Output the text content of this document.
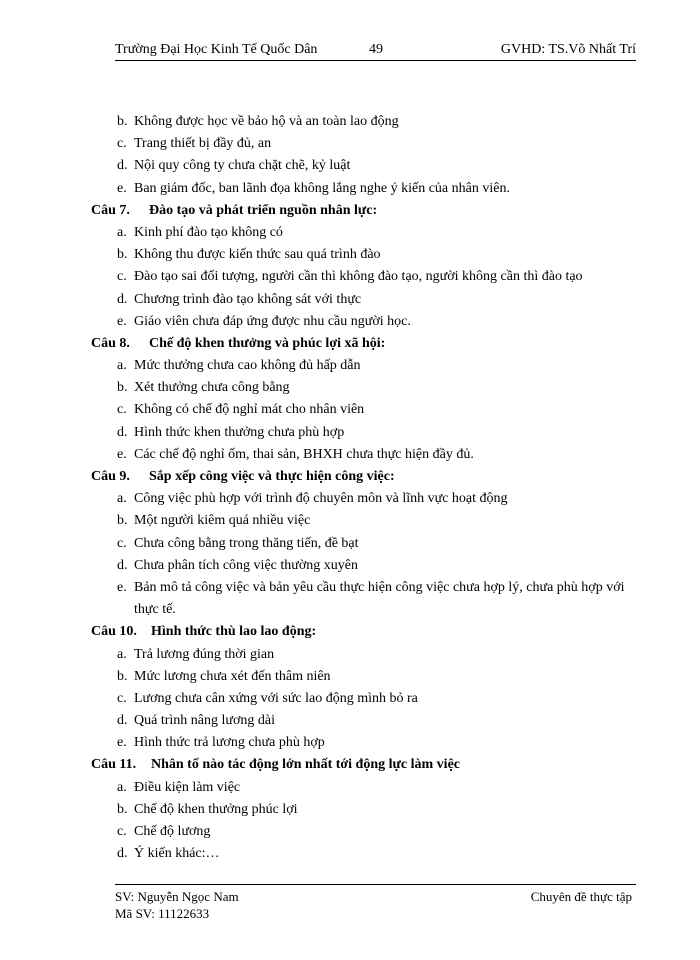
Trường Đại Học Kinh Tế Quốc Dân	49	GVHD: TS.Võ Nhất Trí
b. Không được học về bảo hộ và an toàn lao động
c. Trang thiết bị đầy đủ, an
d. Nội quy công ty chưa chặt chẽ, kỷ luật
e. Ban giám đốc, ban lãnh đọa không lắng nghe ý kiến của nhân viên.
Câu 7. Đào tạo và phát triển nguồn nhân lực:
a. Kinh phí đào tạo không có
b. Không thu được kiến thức sau quá trình đào
c. Đào tạo sai đối tượng, người cần thì không đào tạo, người không cần thì đào tạo
d. Chương trình đào tạo không sát với thực
e. Giáo viên chưa đáp ứng được nhu cầu người học.
Câu 8. Chế độ khen thưởng và phúc lợi xã hội:
a. Mức thưởng chưa cao không đủ hấp dẫn
b. Xét thưởng chưa công bằng
c. Không có chế độ nghỉ mát cho nhân viên
d. Hình thức khen thưởng chưa phù hợp
e. Các chế độ nghỉ ốm, thai sản, BHXH chưa thực hiện đầy đủ.
Câu 9. Sắp xếp công việc và thực hiện công việc:
a. Công việc phù hợp với trình độ chuyên môn và lĩnh vực hoạt động
b. Một người kiêm quá nhiều việc
c. Chưa công bằng trong thăng tiến, đề bạt
d. Chưa phân tích công việc thường xuyên
e. Bản mô tả công việc và bản yêu cầu thực hiện công việc chưa hợp lý, chưa phù hợp với thực tế.
Câu 10. Hình thức thù lao lao động:
a. Trả lương đúng thời gian
b. Mức lương chưa xét đến thâm niên
c. Lương chưa cân xứng với sức lao động mình bỏ ra
d. Quá trình nâng lương dài
e. Hình thức trả lương chưa phù hợp
Câu 11. Nhân tố nào tác động lớn nhất tới động lực làm việc
a. Điều kiện làm việc
b. Chế độ khen thưởng phúc lợi
c. Chế độ lương
d. Ý kiến khác:…
SV: Nguyễn Ngọc Nam
Mã SV: 11122633
Chuyên đề thực tập
